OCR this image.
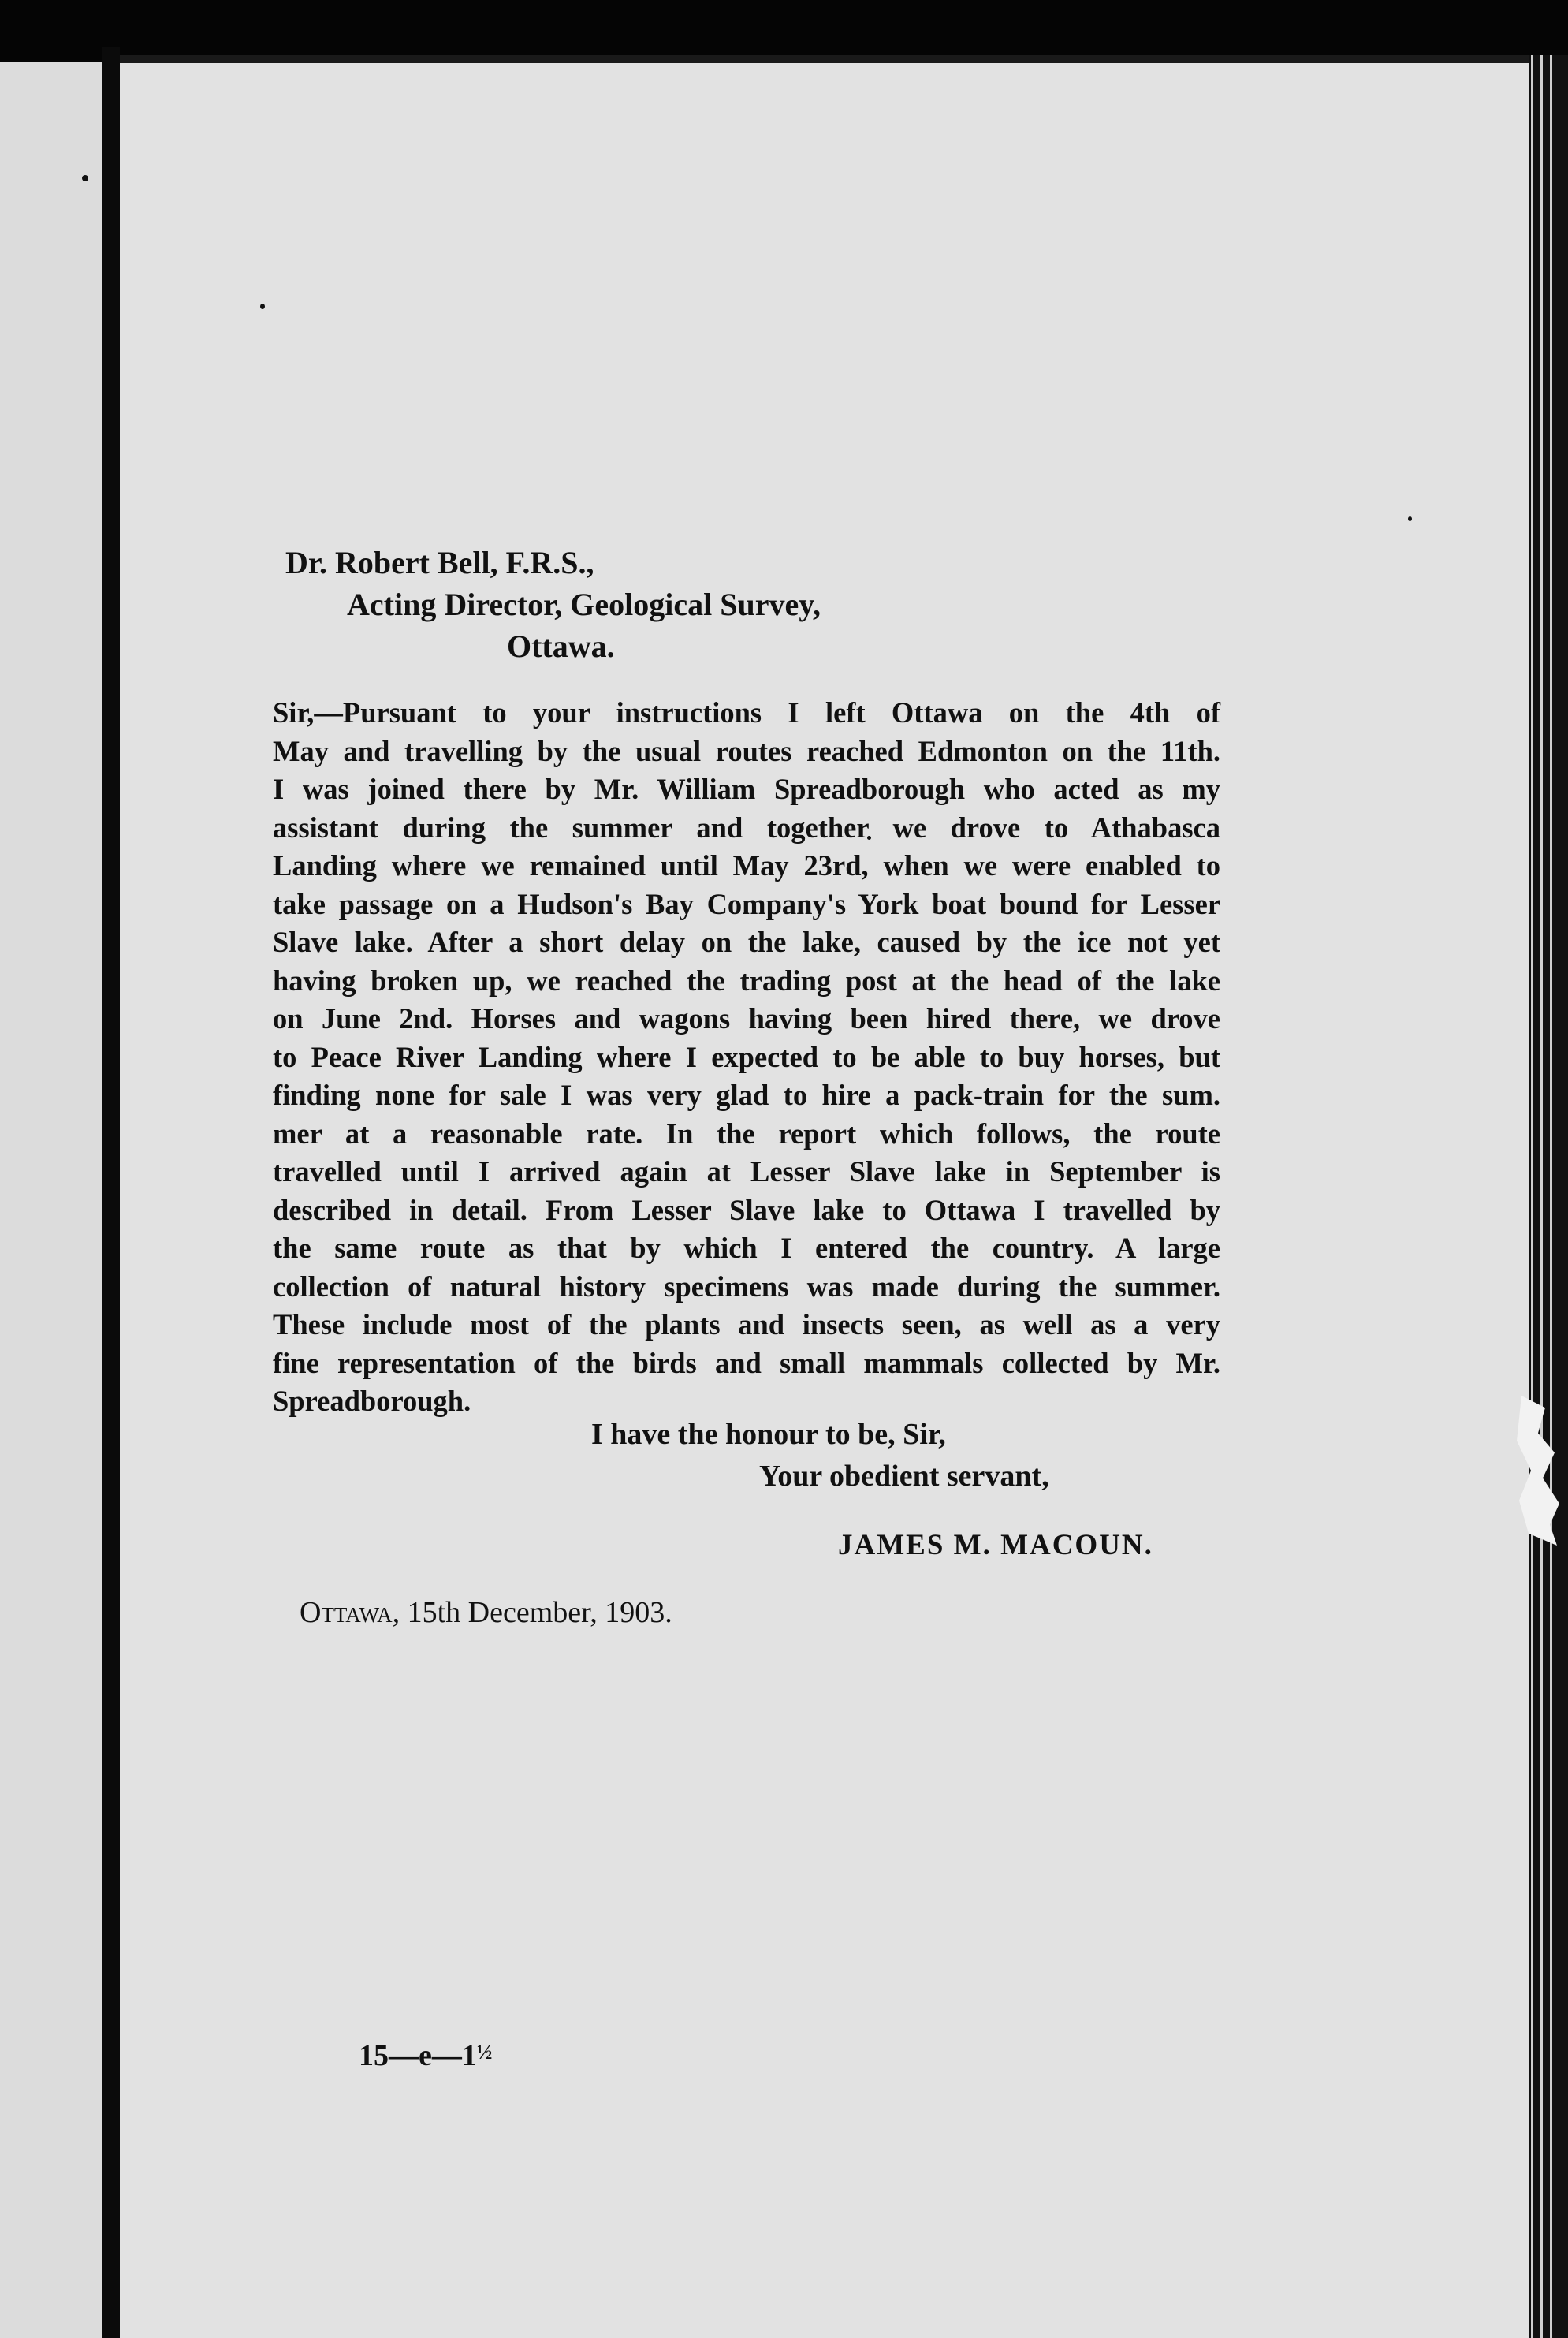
Dr. Robert Bell, F.R.S.,
Acting Director, Geological Survey,
Ottawa.
Sir,—Pursuant to your instructions I left Ottawa on the 4th of
May and travelling by the usual routes reached Edmonton on the 11th.
I was joined there by Mr. William Spreadborough who acted as my
assistant during the summer and together we drove to Athabasca
Landing where we remained until May 23rd, when we were enabled to
take passage on a Hudson's Bay Company's York boat bound for Lesser
Slave lake. After a short delay on the lake, caused by the ice not yet
having broken up, we reached the trading post at the head of the lake
on June 2nd. Horses and wagons having been hired there, we drove
to Peace River Landing where I expected to be able to buy horses, but
finding none for sale I was very glad to hire a pack-train for the sum.
mer at a reasonable rate. In the report which follows, the route
travelled until I arrived again at Lesser Slave lake in September is
described in detail. From Lesser Slave lake to Ottawa I travelled by
the same route as that by which I entered the country. A large
collection of natural history specimens was made during the summer.
These include most of the plants and insects seen, as well as a very
fine representation of the birds and small mammals collected by Mr.
Spreadborough.
I have the honour to be, Sir,
Your obedient servant,
JAMES M. MACOUN.
Ottawa, 15th December, 1903.
$15—e—1^{\frac{1}{2}}$
